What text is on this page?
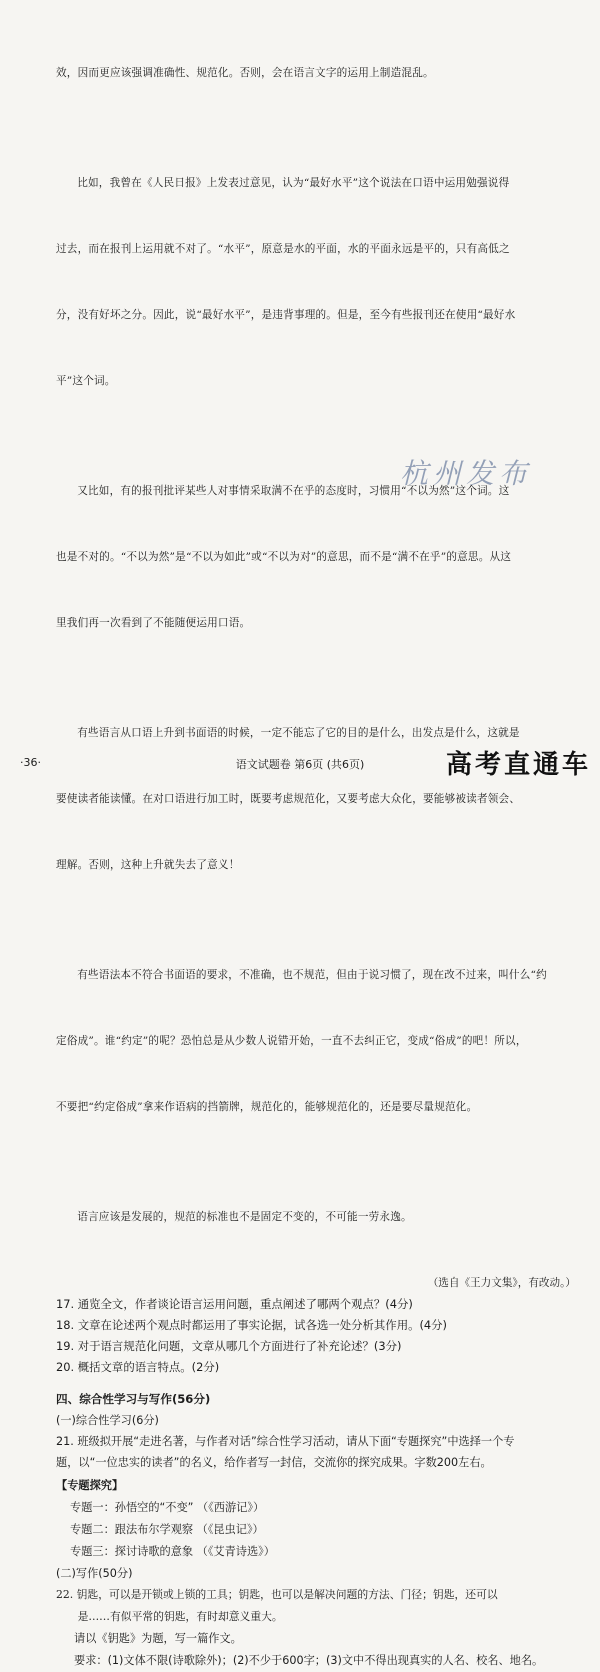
效，因而更应该强调准确性、规范化。否则，会在语言文字的运用上制造混乱。

比如，我曾在《人民日报》上发表过意见，认为“最好水平”这个说法在口语中运用勉强说得

过去，而在报刊上运用就不对了。“水平”，原意是水的平面，水的平面永远是平的，只有高低之

分，没有好坏之分。因此，说“最好水平”，是违背事理的。但是，至今有些报刊还在使用“最好水

平”这个词。

又比如，有的报刊批评某些人对事情采取满不在乎的态度时，习惯用“不以为然”这个词。这

也是不对的。“不以为然”是“不以为如此”或“不以为对”的意思，而不是“满不在乎”的意思。从这

里我们再一次看到了不能随便运用口语。

有些语言从口语上升到书面语的时候，一定不能忘了它的目的是什么，出发点是什么，这就是

要使读者能读懂。在对口语进行加工时，既要考虑规范化，又要考虑大众化，要能够被读者领会、

理解。否则，这种上升就失去了意义！

有些语法本不符合书面语的要求，不准确，也不规范，但由于说习惯了，现在改不过来，叫什么“约

定俗成”。谁“约定”的呢？恐怕总是从少数人说错开始，一直不去纠正它，变成“俗成”的吧！所以，

不要把“约定俗成”拿来作语病的挡箭牌，规范化的，能够规范化的，还是要尽量规范化。

语言应该是发展的，规范的标准也不是固定不变的，不可能一劳永逸。

（选自《王力文集》，有改动。）

17. 通览全文，作者谈论语言运用问题，重点阐述了哪两个观点？(4分)

18. 文章在论述两个观点时都运用了事实论据，试各选一处分析其作用。(4分)

19. 对于语言规范化问题，文章从哪几个方面进行了补充论述？(3分)

20. 概括文章的语言特点。(2分)

四、综合性学习与写作(56分)

(一)综合性学习(6分)

21. 班级拟开展“走进名著，与作者对话”综合性学习活动，请从下面“专题探究”中选择一个专

题，以“一位忠实的读者”的名义，给作者写一封信，交流你的探究成果。字数200左右。

【专题探究】

专题一：孙悟空的“不变” （《西游记》）

专题二：跟法布尔学观察 （《昆虫记》）

专题三：探讨诗歌的意象 （《艾青诗选》）

(二)写作(50分)

22. 钥匙，可以是开锁或上锁的工具；钥匙，也可以是解决问题的方法、门径；钥匙，还可以

是……有似平常的钥匙，有时却意义重大。

请以《钥匙》为题，写一篇作文。

要求：(1)文体不限(诗歌除外)；(2)不少于600字；(3)文中不得出现真实的人名、校名、地名。

杭州发布
·36·	语文试题卷 第6页 (共6页)	高考直通车
